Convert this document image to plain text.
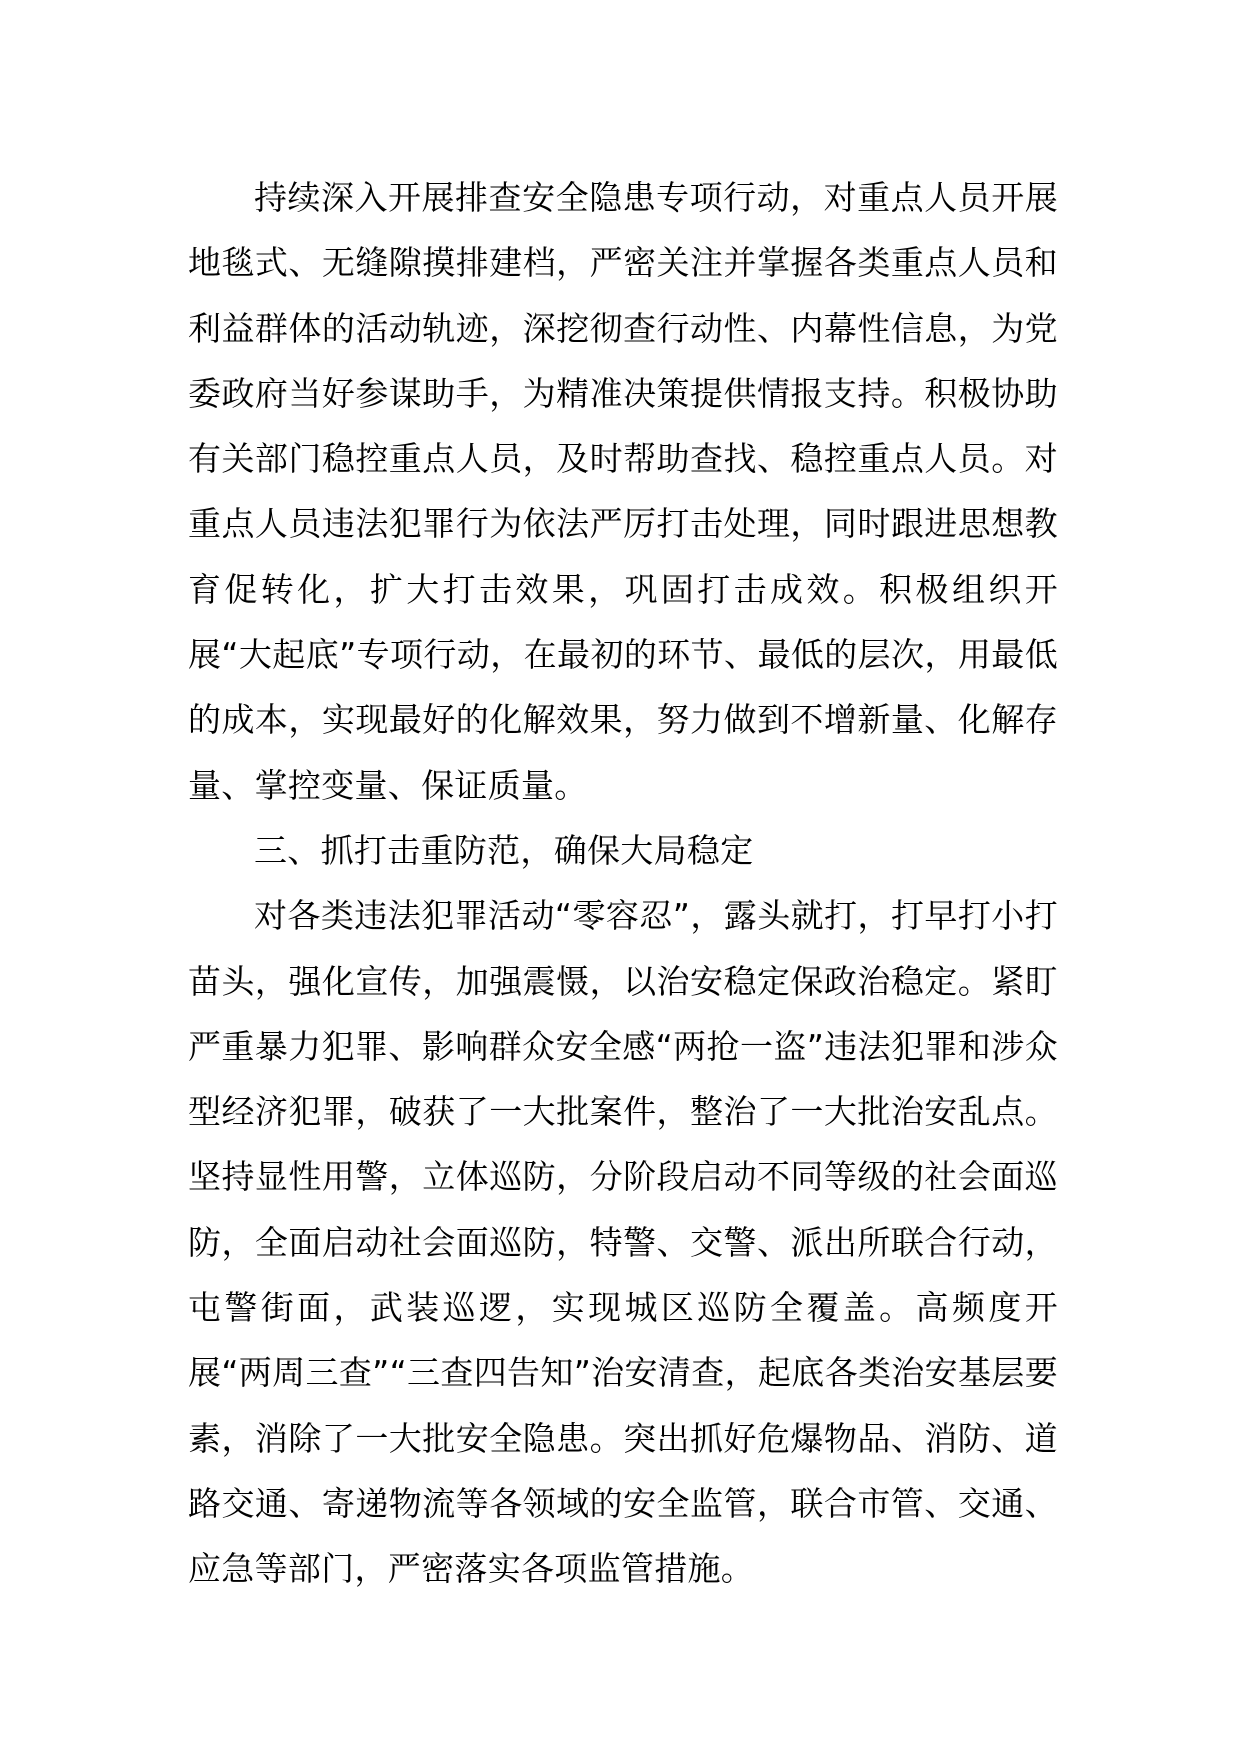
持续深入开展排查安全隐患专项行动，对重点人员开展地毯式、无缝隙摸排建档，严密关注并掌握各类重点人员和利益群体的活动轨迹，深挖彻查行动性、内幕性信息，为党委政府当好参谋助手，为精准决策提供情报支持。积极协助有关部门稳控重点人员，及时帮助查找、稳控重点人员。对重点人员违法犯罪行为依法严厉打击处理，同时跟进思想教育促转化，扩大打击效果，巩固打击成效。积极组织开展“大起底”专项行动，在最初的环节、最低的层次，用最低的成本，实现最好的化解效果，努力做到不增新量、化解存量、掌控变量、保证质量。

三、抓打击重防范，确保大局稳定

对各类违法犯罪活动“零容忍”，露头就打，打早打小打苗头，强化宣传，加强震慑，以治安稳定保政治稳定。紧盯严重暴力犯罪、影响群众安全感“两抢一盗”违法犯罪和涉众型经济犯罪，破获了一大批案件，整治了一大批治安乱点。坚持显性用警，立体巡防，分阶段启动不同等级的社会面巡防，全面启动社会面巡防，特警、交警、派出所联合行动，屯警街面，武装巡逻，实现城区巡防全覆盖。高频度开展“两周三查”“三查四告知”治安清查，起底各类治安基层要素，消除了一大批安全隐患。突出抓好危爆物品、消防、道路交通、寄递物流等各领域的安全监管，联合市管、交通、应急等部门，严密落实各项监管措施。
